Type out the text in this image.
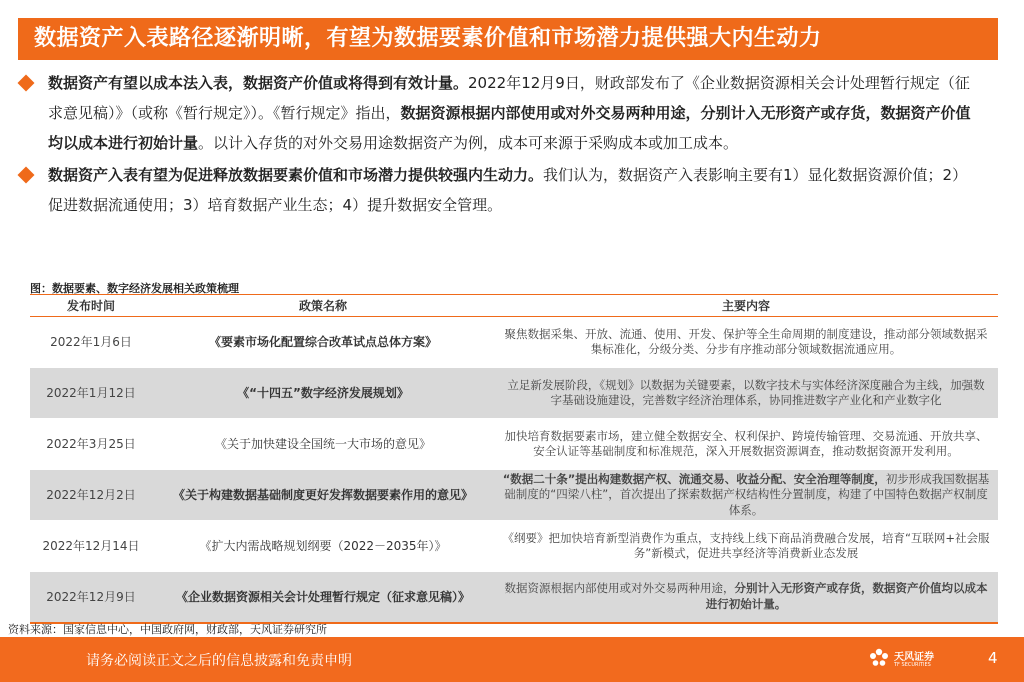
数据资产入表路径逐渐明晰，有望为数据要素价值和市场潜力提供强大内生动力

数据资产有望以成本法入表，数据资产价值或将得到有效计量。2022年12月9日，财政部发布了《企业数据资源相关会计处理暂行规定（征求意见稿）》（或称《暂行规定》）。《暂行规定》指出，数据资源根据内部使用或对外交易两种用途，分别计入无形资产或存货，数据资产价值均以成本进行初始计量。以计入存货的对外交易用途数据资产为例，成本可来源于采购成本或加工成本。

数据资产入表有望为促进释放数据要素价值和市场潜力提供较强内生动力。我们认为，数据资产入表影响主要有1）显化数据资源价值；2）促进数据流通使用；3）培育数据产业生态；4）提升数据安全管理。

图：数据要素、数字经济发展相关政策梳理
发布时间	政策名称	主要内容
2022年1月6日	《要素市场化配置综合改革试点总体方案》	聚焦数据采集、开放、流通、使用、开发、保护等全生命周期的制度建设，推动部分领域数据采集标准化，分级分类、分步有序推动部分领域数据流通应用。
2022年1月12日	《“十四五”数字经济发展规划》	立足新发展阶段，《规划》以数据为关键要素，以数字技术与实体经济深度融合为主线，加强数字基础设施建设，完善数字经济治理体系，协同推进数字产业化和产业数字化
2022年3月25日	《关于加快建设全国统一大市场的意见》	加快培育数据要素市场，建立健全数据安全、权利保护、跨境传输管理、交易流通、开放共享、安全认证等基础制度和标准规范，深入开展数据资源调查，推动数据资源开发利用。
2022年12月2日	《关于构建数据基础制度更好发挥数据要素作用的意见》	“数据二十条”提出构建数据产权、流通交易、收益分配、安全治理等制度，初步形成我国数据基础制度的“四梁八柱”，首次提出了探索数据产权结构性分置制度，构建了中国特色数据产权制度体系。
2022年12月14日	《扩大内需战略规划纲要（2022－2035年）》	《纲要》把加快培育新型消费作为重点，支持线上线下商品消费融合发展，培育“互联网+社会服务”新模式，促进共享经济等消费新业态发展
2022年12月9日	《企业数据资源相关会计处理暂行规定（征求意见稿）》	数据资源根据内部使用或对外交易两种用途，分别计入无形资产或存货，数据资产价值均以成本进行初始计量。
资料来源：国家信息中心，中国政府网，财政部，天风证券研究所
请务必阅读正文之后的信息披露和免责申明	天风证券
TF SECURITIES	4
